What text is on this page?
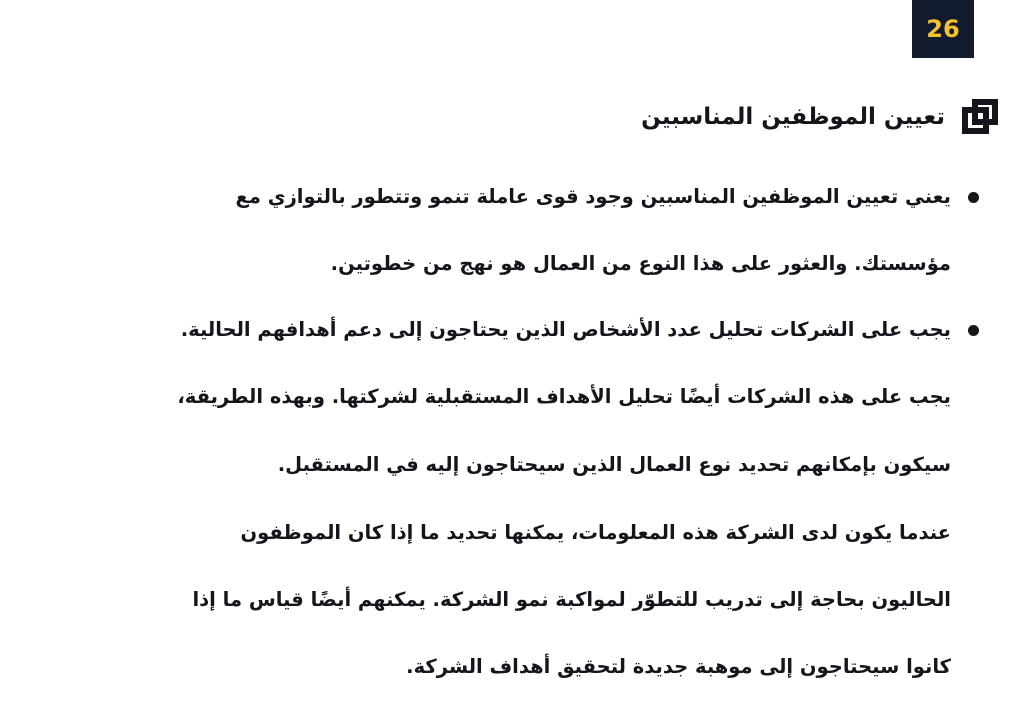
26
تعيين الموظفين المناسبين
يعني تعيين الموظفين المناسبين وجود قوى عاملة تنمو وتتطور بالتوازي مع
مؤسستك. والعثور على هذا النوع من العمال هو نهج من خطوتين.
يجب على الشركات تحليل عدد الأشخاص الذين يحتاجون إلى دعم أهدافهم الحالية.
يجب على هذه الشركات أيضًا تحليل الأهداف المستقبلية لشركتها. وبهذه الطريقة،
سيكون بإمكانهم تحديد نوع العمال الذين سيحتاجون إليه في المستقبل.
عندما يكون لدى الشركة هذه المعلومات، يمكنها تحديد ما إذا كان الموظفون
الحاليون بحاجة إلى تدريب للتطوّر لمواكبة نمو الشركة. يمكنهم أيضًا قياس ما إذا
كانوا سيحتاجون إلى موهبة جديدة لتحقيق أهداف الشركة.
